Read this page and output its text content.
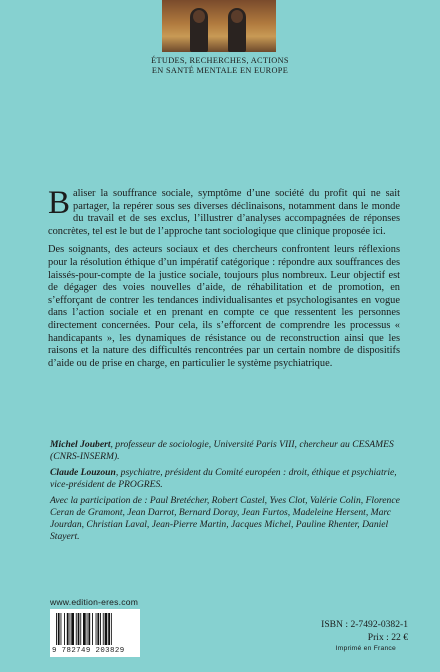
ÉTUDES, RECHERCHES, ACTIONS
EN SANTÉ MENTALE EN EUROPE

Baliser la souffrance sociale, symptôme d’une société du profit qui ne sait partager, la repérer sous ses diverses déclinaisons, notamment dans le monde du travail et de ses exclus, l’illustrer d’analyses accompagnées de réponses concrètes, tel est le but de l’approche tant sociologique que clinique proposée ici.

Des soignants, des acteurs sociaux et des chercheurs confrontent leurs réflexions pour la résolution éthique d’un impératif catégorique : répondre aux souffrances des laissés-pour-compte de la justice sociale, toujours plus nombreux. Leur objectif est de dégager des voies nouvelles d’aide, de réhabilitation et de promotion, en s’efforçant de contrer les tendances individualisantes et psychologisantes en vogue dans l’action sociale et en prenant en compte ce que ressentent les personnes directement concernées. Pour cela, ils s’efforcent de comprendre les processus « handicapants », les dynamiques de résistance ou de reconstruction ainsi que les raisons et la nature des difficultés rencontrées par un certain nombre de dispositifs d’aide ou de prise en charge, en particulier le système psychiatrique.

Michel Joubert, professeur de sociologie, Université Paris VIII, chercheur au CESAMES (CNRS-INSERM).

Claude Louzoun, psychiatre, président du Comité européen : droit, éthique et psychiatrie, vice-président de PROGRES.

Avec la participation de : Paul Bretécher, Robert Castel, Yves Clot, Valérie Colin, Florence Ceran de Gramont, Jean Darrot, Bernard Doray, Jean Furtos, Madeleine Hersent, Marc Jourdan, Christian Laval, Jean-Pierre Martin, Jacques Michel, Pauline Rhenter, Daniel Stayert.

www.edition-eres.com
9 782749 203829
ISBN : 2-7492-0382-1
Prix : 22 €
Imprimé en France
